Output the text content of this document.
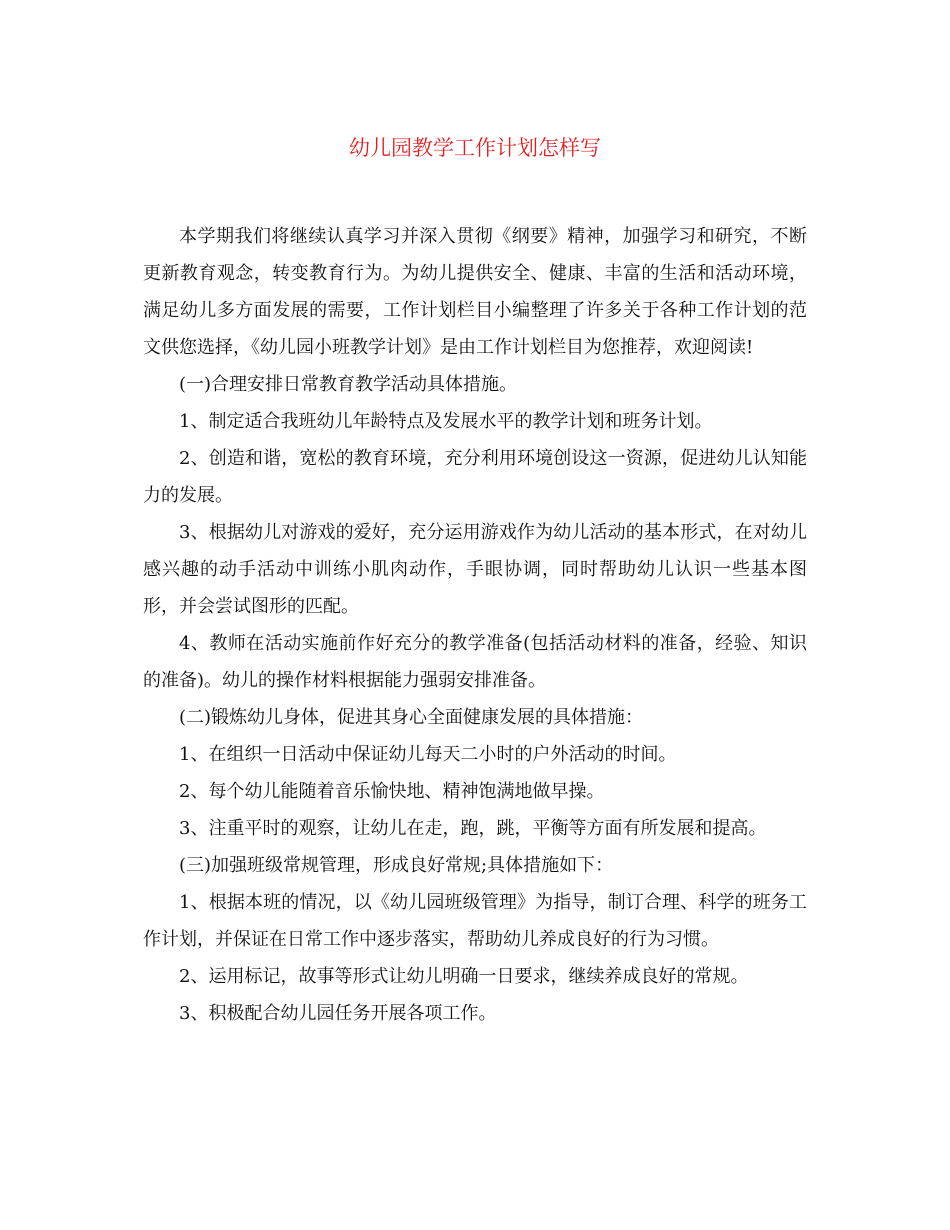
幼儿园教学工作计划怎样写

本学期我们将继续认真学习并深入贯彻《纲要》精神，加强学习和研究，不断更新教育观念，转变教育行为。为幼儿提供安全、健康、丰富的生活和活动环境，满足幼儿多方面发展的需要，工作计划栏目小编整理了许多关于各种工作计划的范文供您选择，《幼儿园小班教学计划》是由工作计划栏目为您推荐，欢迎阅读!

(一)合理安排日常教育教学活动具体措施。

1、制定适合我班幼儿年龄特点及发展水平的教学计划和班务计划。

2、创造和谐，宽松的教育环境，充分利用环境创设这一资源，促进幼儿认知能力的发展。

3、根据幼儿对游戏的爱好，充分运用游戏作为幼儿活动的基本形式，在对幼儿感兴趣的动手活动中训练小肌肉动作，手眼协调，同时帮助幼儿认识一些基本图形，并会尝试图形的匹配。

4、教师在活动实施前作好充分的教学准备(包括活动材料的准备，经验、知识的准备)。幼儿的操作材料根据能力强弱安排准备。

(二)锻炼幼儿身体，促进其身心全面健康发展的具体措施：

1、在组织一日活动中保证幼儿每天二小时的户外活动的时间。

2、每个幼儿能随着音乐愉快地、精神饱满地做早操。

3、注重平时的观察，让幼儿在走，跑，跳，平衡等方面有所发展和提高。

(三)加强班级常规管理，形成良好常规;具体措施如下：

1、根据本班的情况，以《幼儿园班级管理》为指导，制订合理、科学的班务工作计划，并保证在日常工作中逐步落实，帮助幼儿养成良好的行为习惯。

2、运用标记，故事等形式让幼儿明确一日要求，继续养成良好的常规。

3、积极配合幼儿园任务开展各项工作。
